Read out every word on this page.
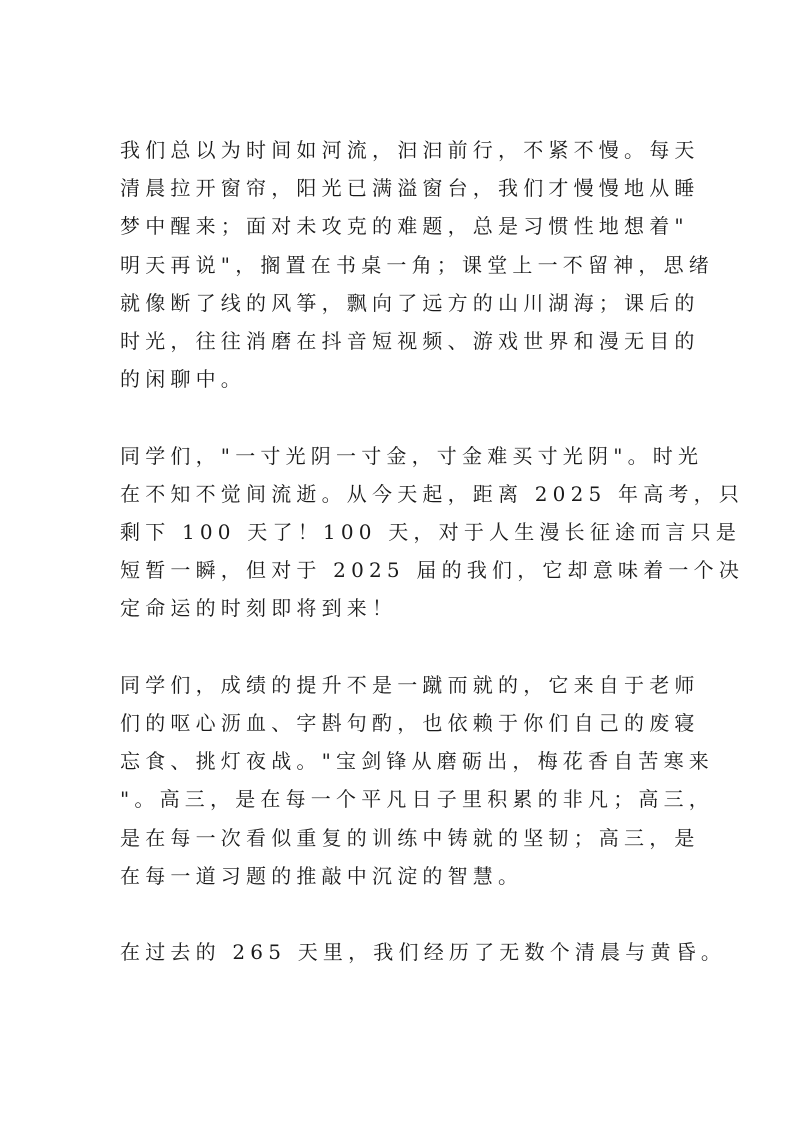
我们总以为时间如河流，汩汩前行，不紧不慢。每天
清晨拉开窗帘，阳光已满溢窗台，我们才慢慢地从睡
梦中醒来；面对未攻克的难题，总是习惯性地想着"
明天再说"，搁置在书桌一角；课堂上一不留神，思绪
就像断了线的风筝，飘向了远方的山川湖海；课后的
时光，往往消磨在抖音短视频、游戏世界和漫无目的
的闲聊中。

同学们，"一寸光阴一寸金，寸金难买寸光阴"。时光
在不知不觉间流逝。从今天起，距离 2025 年高考，只
剩下 100 天了！100 天，对于人生漫长征途而言只是
短暂一瞬，但对于 2025 届的我们，它却意味着一个决
定命运的时刻即将到来！

同学们，成绩的提升不是一蹴而就的，它来自于老师
们的呕心沥血、字斟句酌，也依赖于你们自己的废寝
忘食、挑灯夜战。"宝剑锋从磨砺出，梅花香自苦寒来
"。高三，是在每一个平凡日子里积累的非凡；高三，
是在每一次看似重复的训练中铸就的坚韧；高三，是
在每一道习题的推敲中沉淀的智慧。

在过去的 265 天里，我们经历了无数个清晨与黄昏。
